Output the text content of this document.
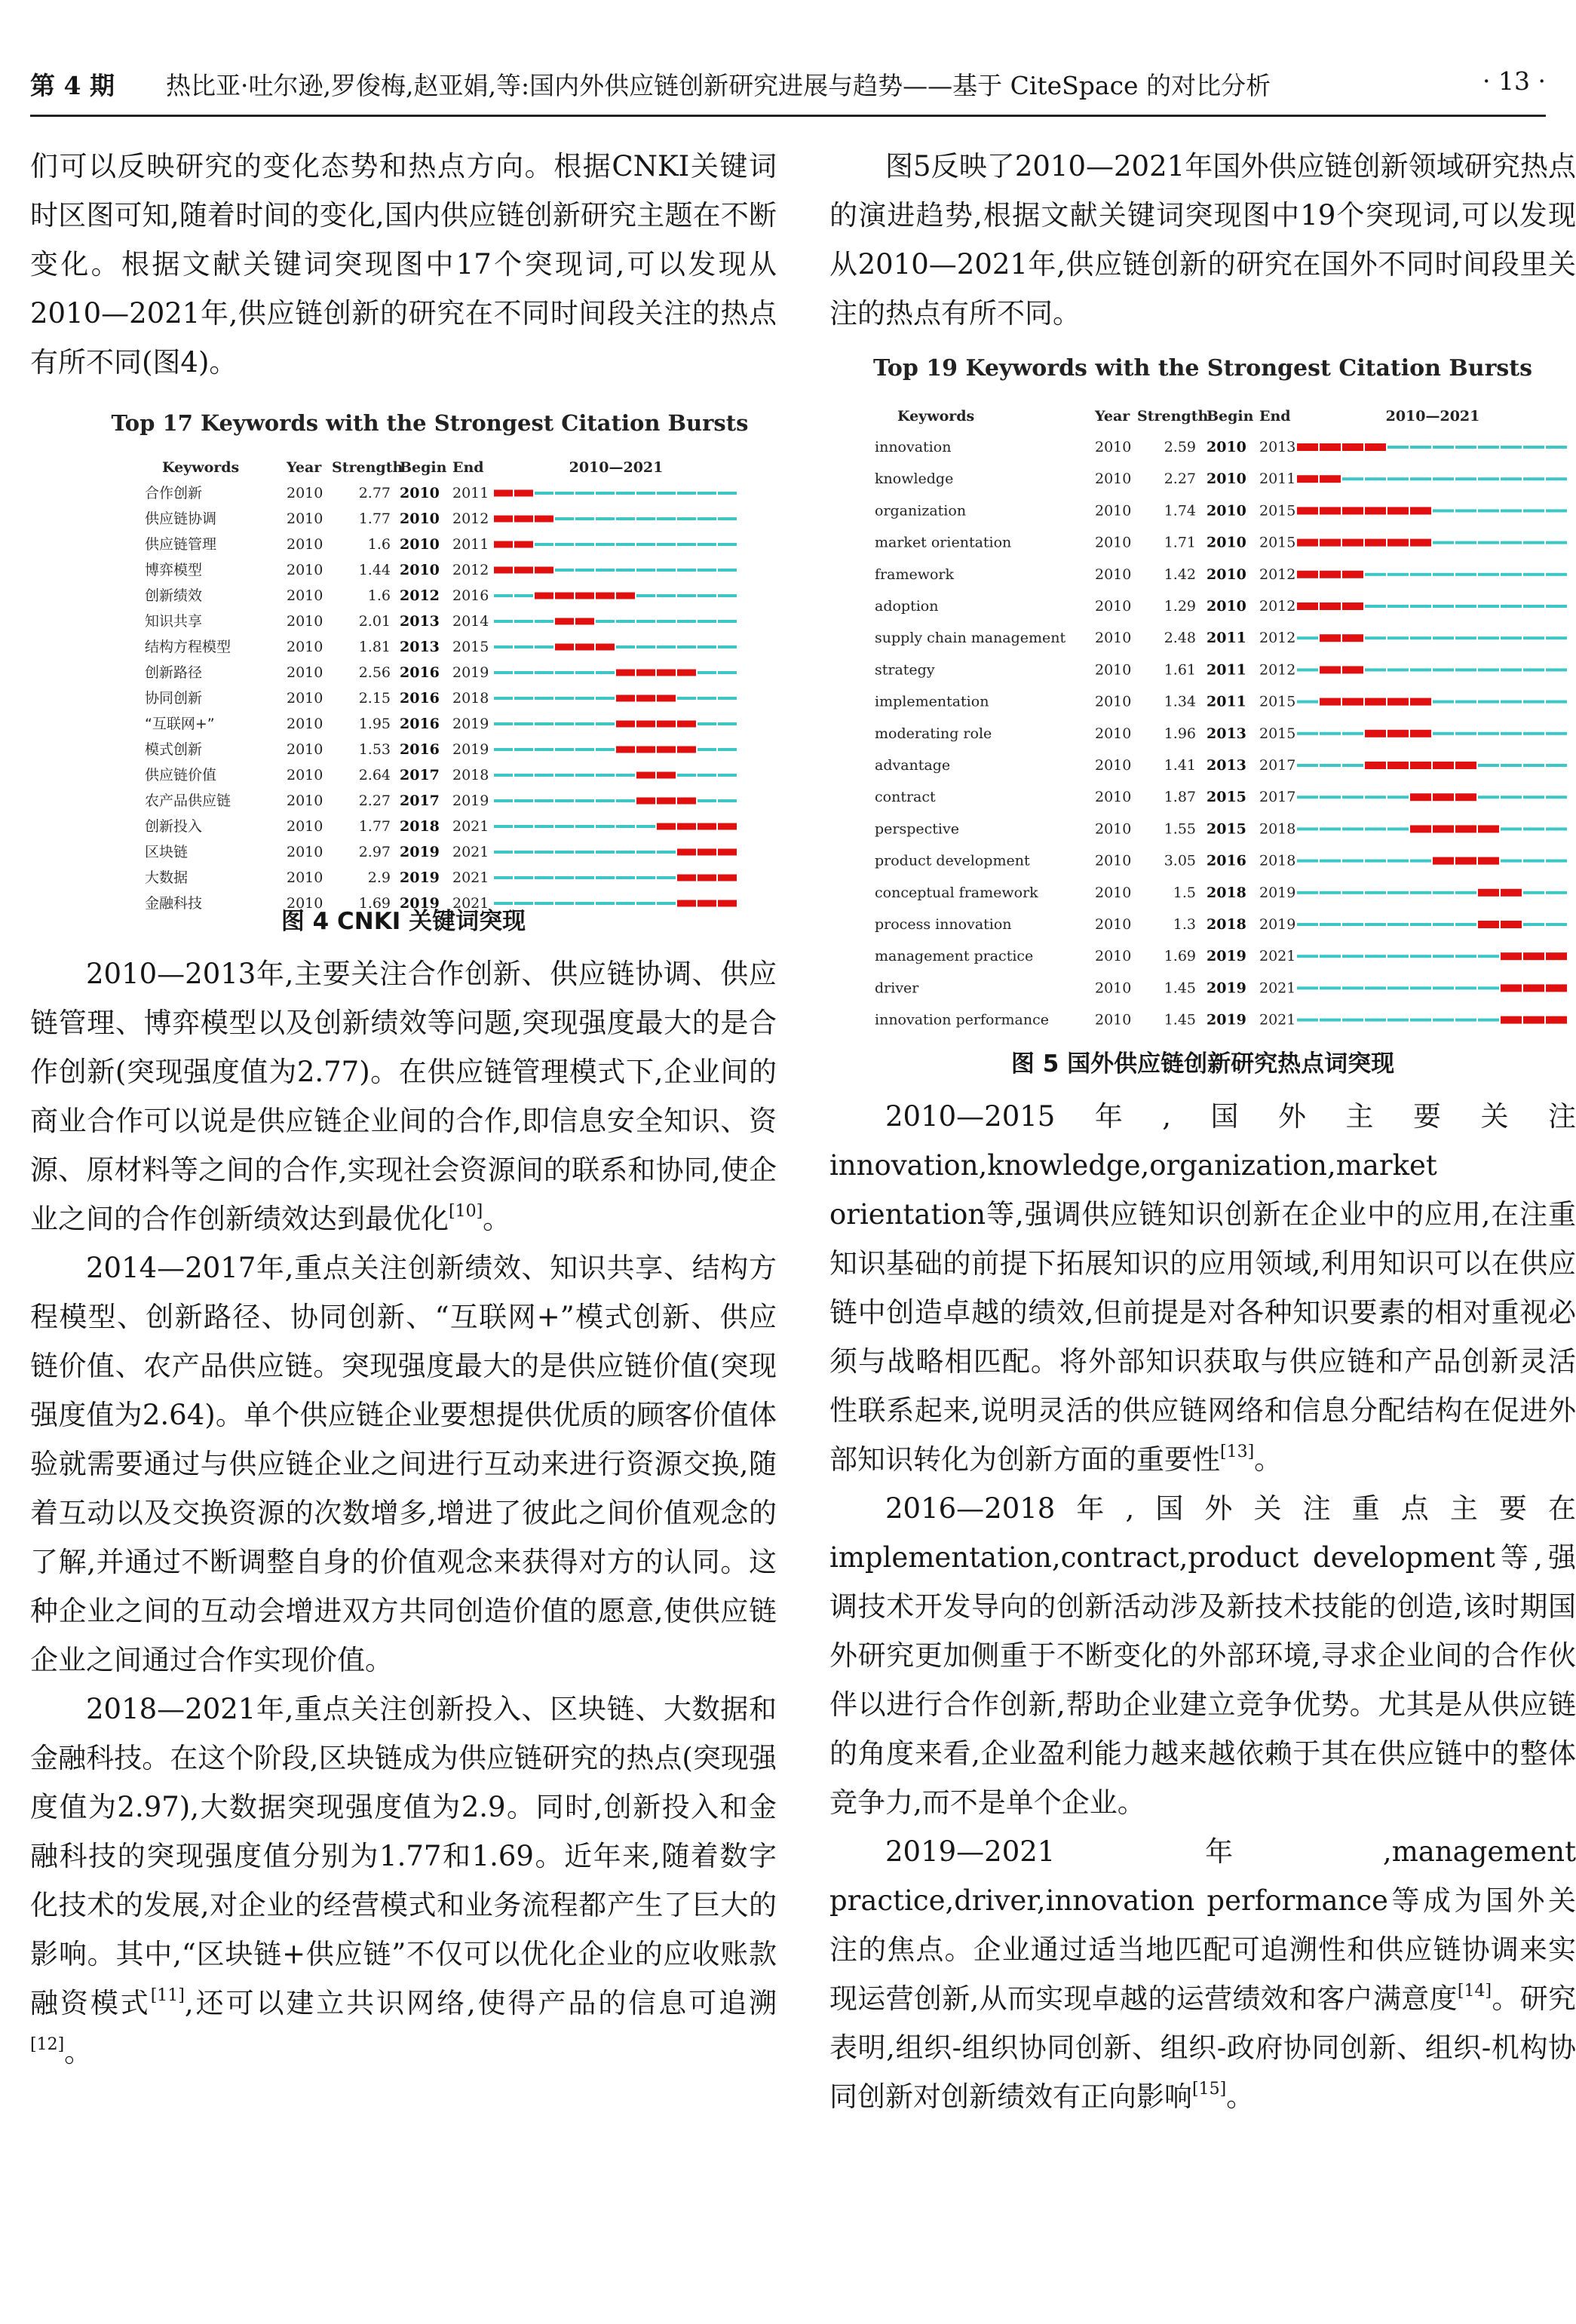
第 4 期 热比亚·吐尔逊,罗俊梅,赵亚娟,等:国内外供应链创新研究进展与趋势——基于 CiteSpace 的对比分析	· 13 ·

们可以反映研究的变化态势和热点方向。根据CNKI关键词时区图可知,随着时间的变化,国内供应链创新研究主题在不断变化。根据文献关键词突现图中17个突现词,可以发现从2010—2021年,供应链创新的研究在不同时间段关注的热点有所不同(图4)。

Top 17 Keywords with the Strongest Citation Bursts
Keywords	Year Strength
Begin End	2010—2021
合作创新	2010 2.77 2010 2011
供应链协调	2010 1.77 2010 2012
供应链管理	2010	1.6 2010 2011
博弈模型	2010 1.44 2010 2012
创新绩效	2010	1.6 2012 2016
知识共享	2010 2.01 2013 2014
结构方程模型	2010 1.81 2013 2015
创新路径	2010 2.56 2016 2019
协同创新	2010 2.15 2016 2018
“互联网+”	2010 1.95 2016 2019
模式创新	2010 1.53 2016 2019
供应链价值	2010 2.64 2017 2018
农产品供应链	2010 2.27 2017 2019
创新投入	2010 1.77 2018 2021
区块链	2010 2.97 2019 2021
大数据	2010	2.9 2019 2021
金融科技	2010 1.69 2019 2021
图 4 CNKI 关键词突现

2010—2013年,主要关注合作创新、供应链协调、供应链管理、博弈模型以及创新绩效等问题,突现强度最大的是合作创新(突现强度值为2.77)。在供应链管理模式下,企业间的商业合作可以说是供应链企业间的合作,即信息安全知识、资源、原材料等之间的合作,实现社会资源间的联系和协同,使企业之间的合作创新绩效达到最优化[10]。

2014—2017年,重点关注创新绩效、知识共享、结构方程模型、创新路径、协同创新、“互联网+”模式创新、供应链价值、农产品供应链。突现强度最大的是供应链价值(突现强度值为2.64)。单个供应链企业要想提供优质的顾客价值体验就需要通过与供应链企业之间进行互动来进行资源交换,随着互动以及交换资源的次数增多,增进了彼此之间价值观念的了解,并通过不断调整自身的价值观念来获得对方的认同。这种企业之间的互动会增进双方共同创造价值的愿意,使供应链企业之间通过合作实现价值。

2018—2021年,重点关注创新投入、区块链、大数据和金融科技。在这个阶段,区块链成为供应链研究的热点(突现强度值为2.97),大数据突现强度值为2.9。同时,创新投入和金融科技的突现强度值分别为1.77和1.69。近年来,随着数字化技术的发展,对企业的经营模式和业务流程都产生了巨大的影响。其中,“区块链+供应链”不仅可以优化企业的应收账款融资模式[11],还可以建立共识网络,使得产品的信息可追溯[12]。

图5反映了2010—2021年国外供应链创新领域研究热点的演进趋势,根据文献关键词突现图中19个突现词,可以发现从2010—2021年,供应链创新的研究在国外不同时间段里关注的热点有所不同。

Top 19 Keywords with the Strongest Citation Bursts
Keywords	Year Strength
Begin End	2010—2021
innovation	2010 2.59 2010 2013
knowledge	2010 2.27 2010 2011
organization	2010 1.74 2010 2015
market orientation	2010 1.71 2010 2015
framework	2010 1.42 2010 2012
adoption	2010 1.29 2010 2012
supply chain management 2010 2.48 2011 2012
strategy	2010 1.61 2011 2012
implementation	2010 1.34 2011 2015
moderating role	2010 1.96 2013 2015
advantage	2010 1.41 2013 2017
contract	2010 1.87 2015 2017
perspective	2010 1.55 2015 2018
product development	2010 3.05 2016 2018
conceptual framework	2010	1.5 2018 2019
process innovation	2010	1.3 2018 2019
management practice	2010 1.69 2019 2021
driver	2010 1.45 2019 2021
innovation performance	2010 1.45 2019 2021
图 5 国外供应链创新研究热点词突现

2010—2015年,国外主要关注innovation,knowledge,organization,market orientation等,强调供应链知识创新在企业中的应用,在注重知识基础的前提下拓展知识的应用领域,利用知识可以在供应链中创造卓越的绩效,但前提是对各种知识要素的相对重视必须与战略相匹配。将外部知识获取与供应链和产品创新灵活性联系起来,说明灵活的供应链网络和信息分配结构在促进外部知识转化为创新方面的重要性[13]。

2016—2018年,国外关注重点主要在implementation,contract,product development等,强调技术开发导向的创新活动涉及新技术技能的创造,该时期国外研究更加侧重于不断变化的外部环境,寻求企业间的合作伙伴以进行合作创新,帮助企业建立竞争优势。尤其是从供应链的角度来看,企业盈利能力越来越依赖于其在供应链中的整体竞争力,而不是单个企业。

2019—2021年,management practice,driver,innovation performance等成为国外关注的焦点。企业通过适当地匹配可追溯性和供应链协调来实现运营创新,从而实现卓越的运营绩效和客户满意度[14]。研究表明,组织-组织协同创新、组织-政府协同创新、组织-机构协同创新对创新绩效有正向影响[15]。
